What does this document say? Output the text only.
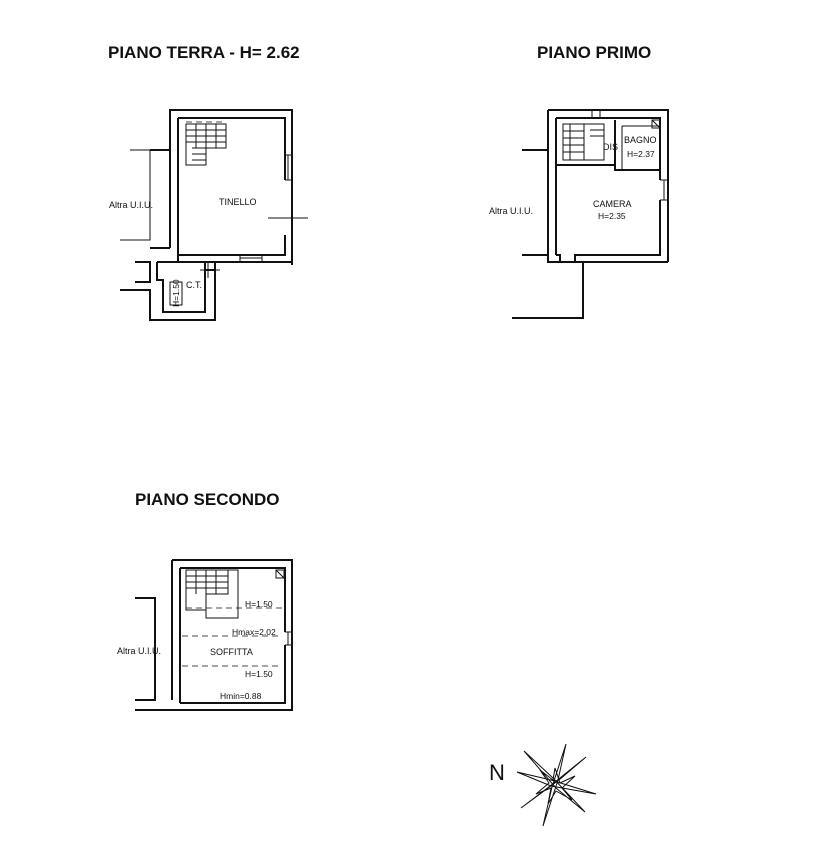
PIANO TERRA - H= 2.62
Altra U.I.U.	TINELLO
C.T.
H=1.50
PIANO PRIMO
Altra U.I.U.
DIS
BAGNO
H=2.37
CAMERA
H=2.35
PIANO SECONDO
Altra U.I.U.
H=1.50
Hmax=2.02
SOFFITTA
H=1.50
Hmin=0.88
N
